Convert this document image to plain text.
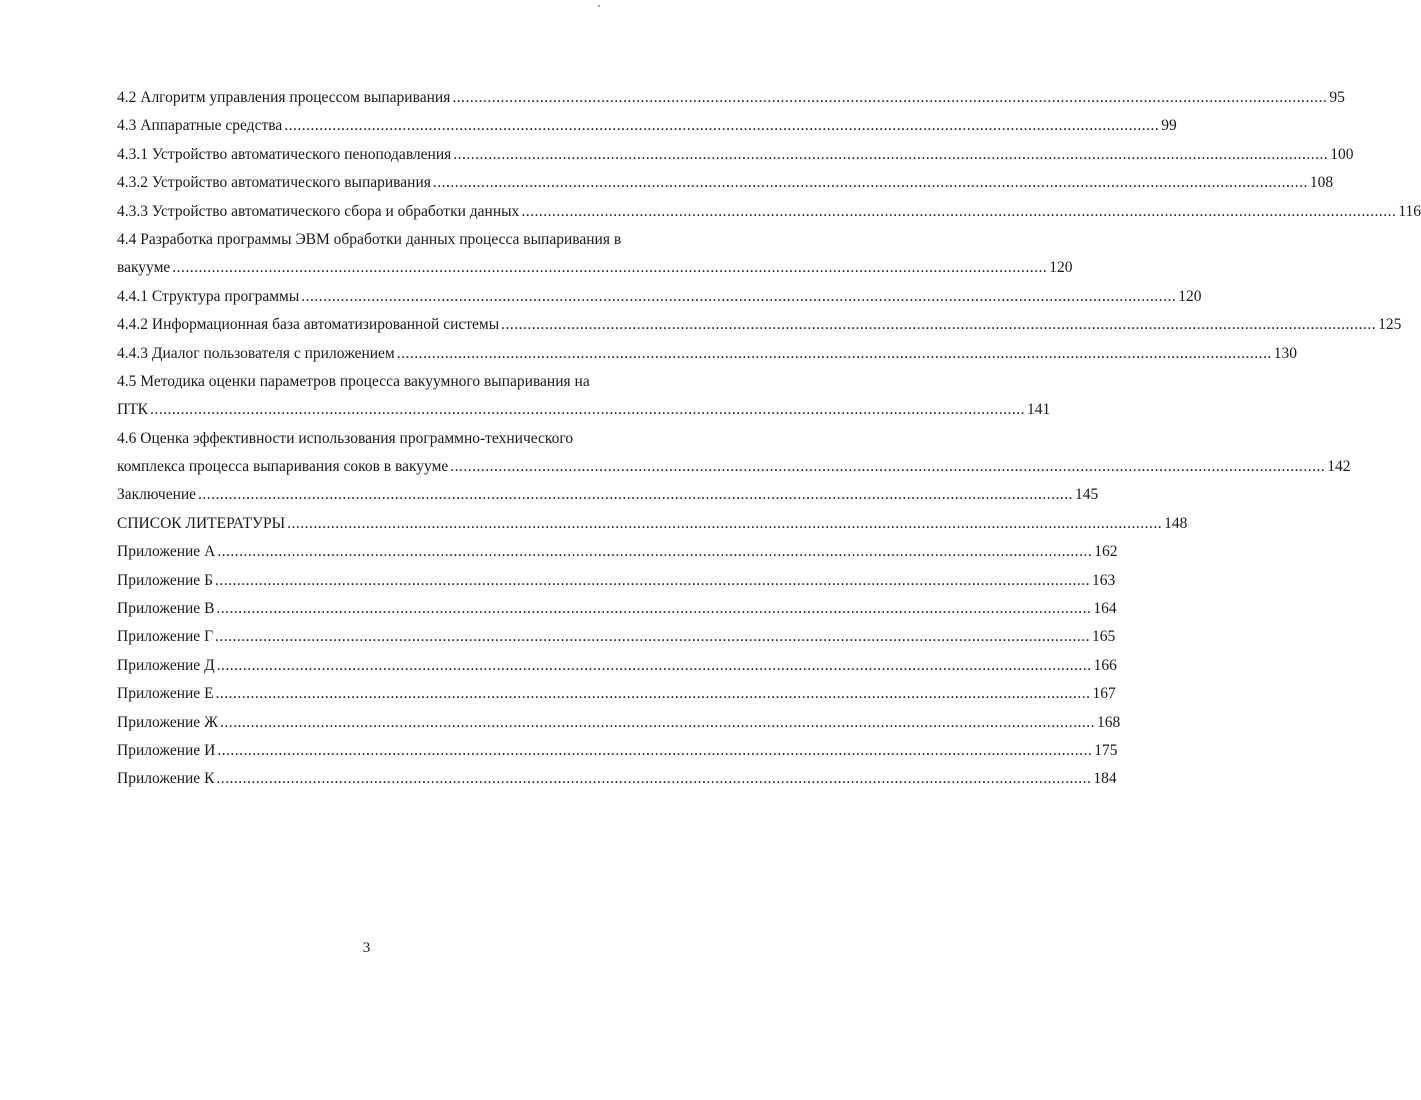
4.2 Алгоритм управления процессом выпаривания ........................................................................................................................................................................................................ 95
4.3 Аппаратные средства ........................................................................................................................................................................................................ 99
4.3.1 Устройство автоматического пеноподавления ........................................................................................................................................................................................................ 100
4.3.2 Устройство автоматического выпаривания ........................................................................................................................................................................................................ 108
4.3.3 Устройство автоматического сбора и обработки данных ........................................................................................................................................................................................................ 116
4.4 Разработка программы ЭВМ обработки данных процесса выпаривания в
вакууме ........................................................................................................................................................................................................ 120
4.4.1 Структура программы ........................................................................................................................................................................................................ 120
4.4.2 Информационная база автоматизированной системы ........................................................................................................................................................................................................ 125
4.4.3 Диалог пользователя с приложением ........................................................................................................................................................................................................ 130
4.5 Методика оценки параметров процесса вакуумного выпаривания на
ПТК ........................................................................................................................................................................................................ 141
4.6 Оценка эффективности использования программно-технического
комплекса процесса выпаривания соков в вакууме ........................................................................................................................................................................................................ 142
Заключение ........................................................................................................................................................................................................ 145
СПИСОК ЛИТЕРАТУРЫ ........................................................................................................................................................................................................ 148
Приложение А ........................................................................................................................................................................................................ 162
Приложение Б ........................................................................................................................................................................................................ 163
Приложение В ........................................................................................................................................................................................................ 164
Приложение Г ........................................................................................................................................................................................................ 165
Приложение Д ........................................................................................................................................................................................................ 166
Приложение Е ........................................................................................................................................................................................................ 167
Приложение Ж ........................................................................................................................................................................................................ 168
Приложение И ........................................................................................................................................................................................................ 175
Приложение К ........................................................................................................................................................................................................ 184
3
